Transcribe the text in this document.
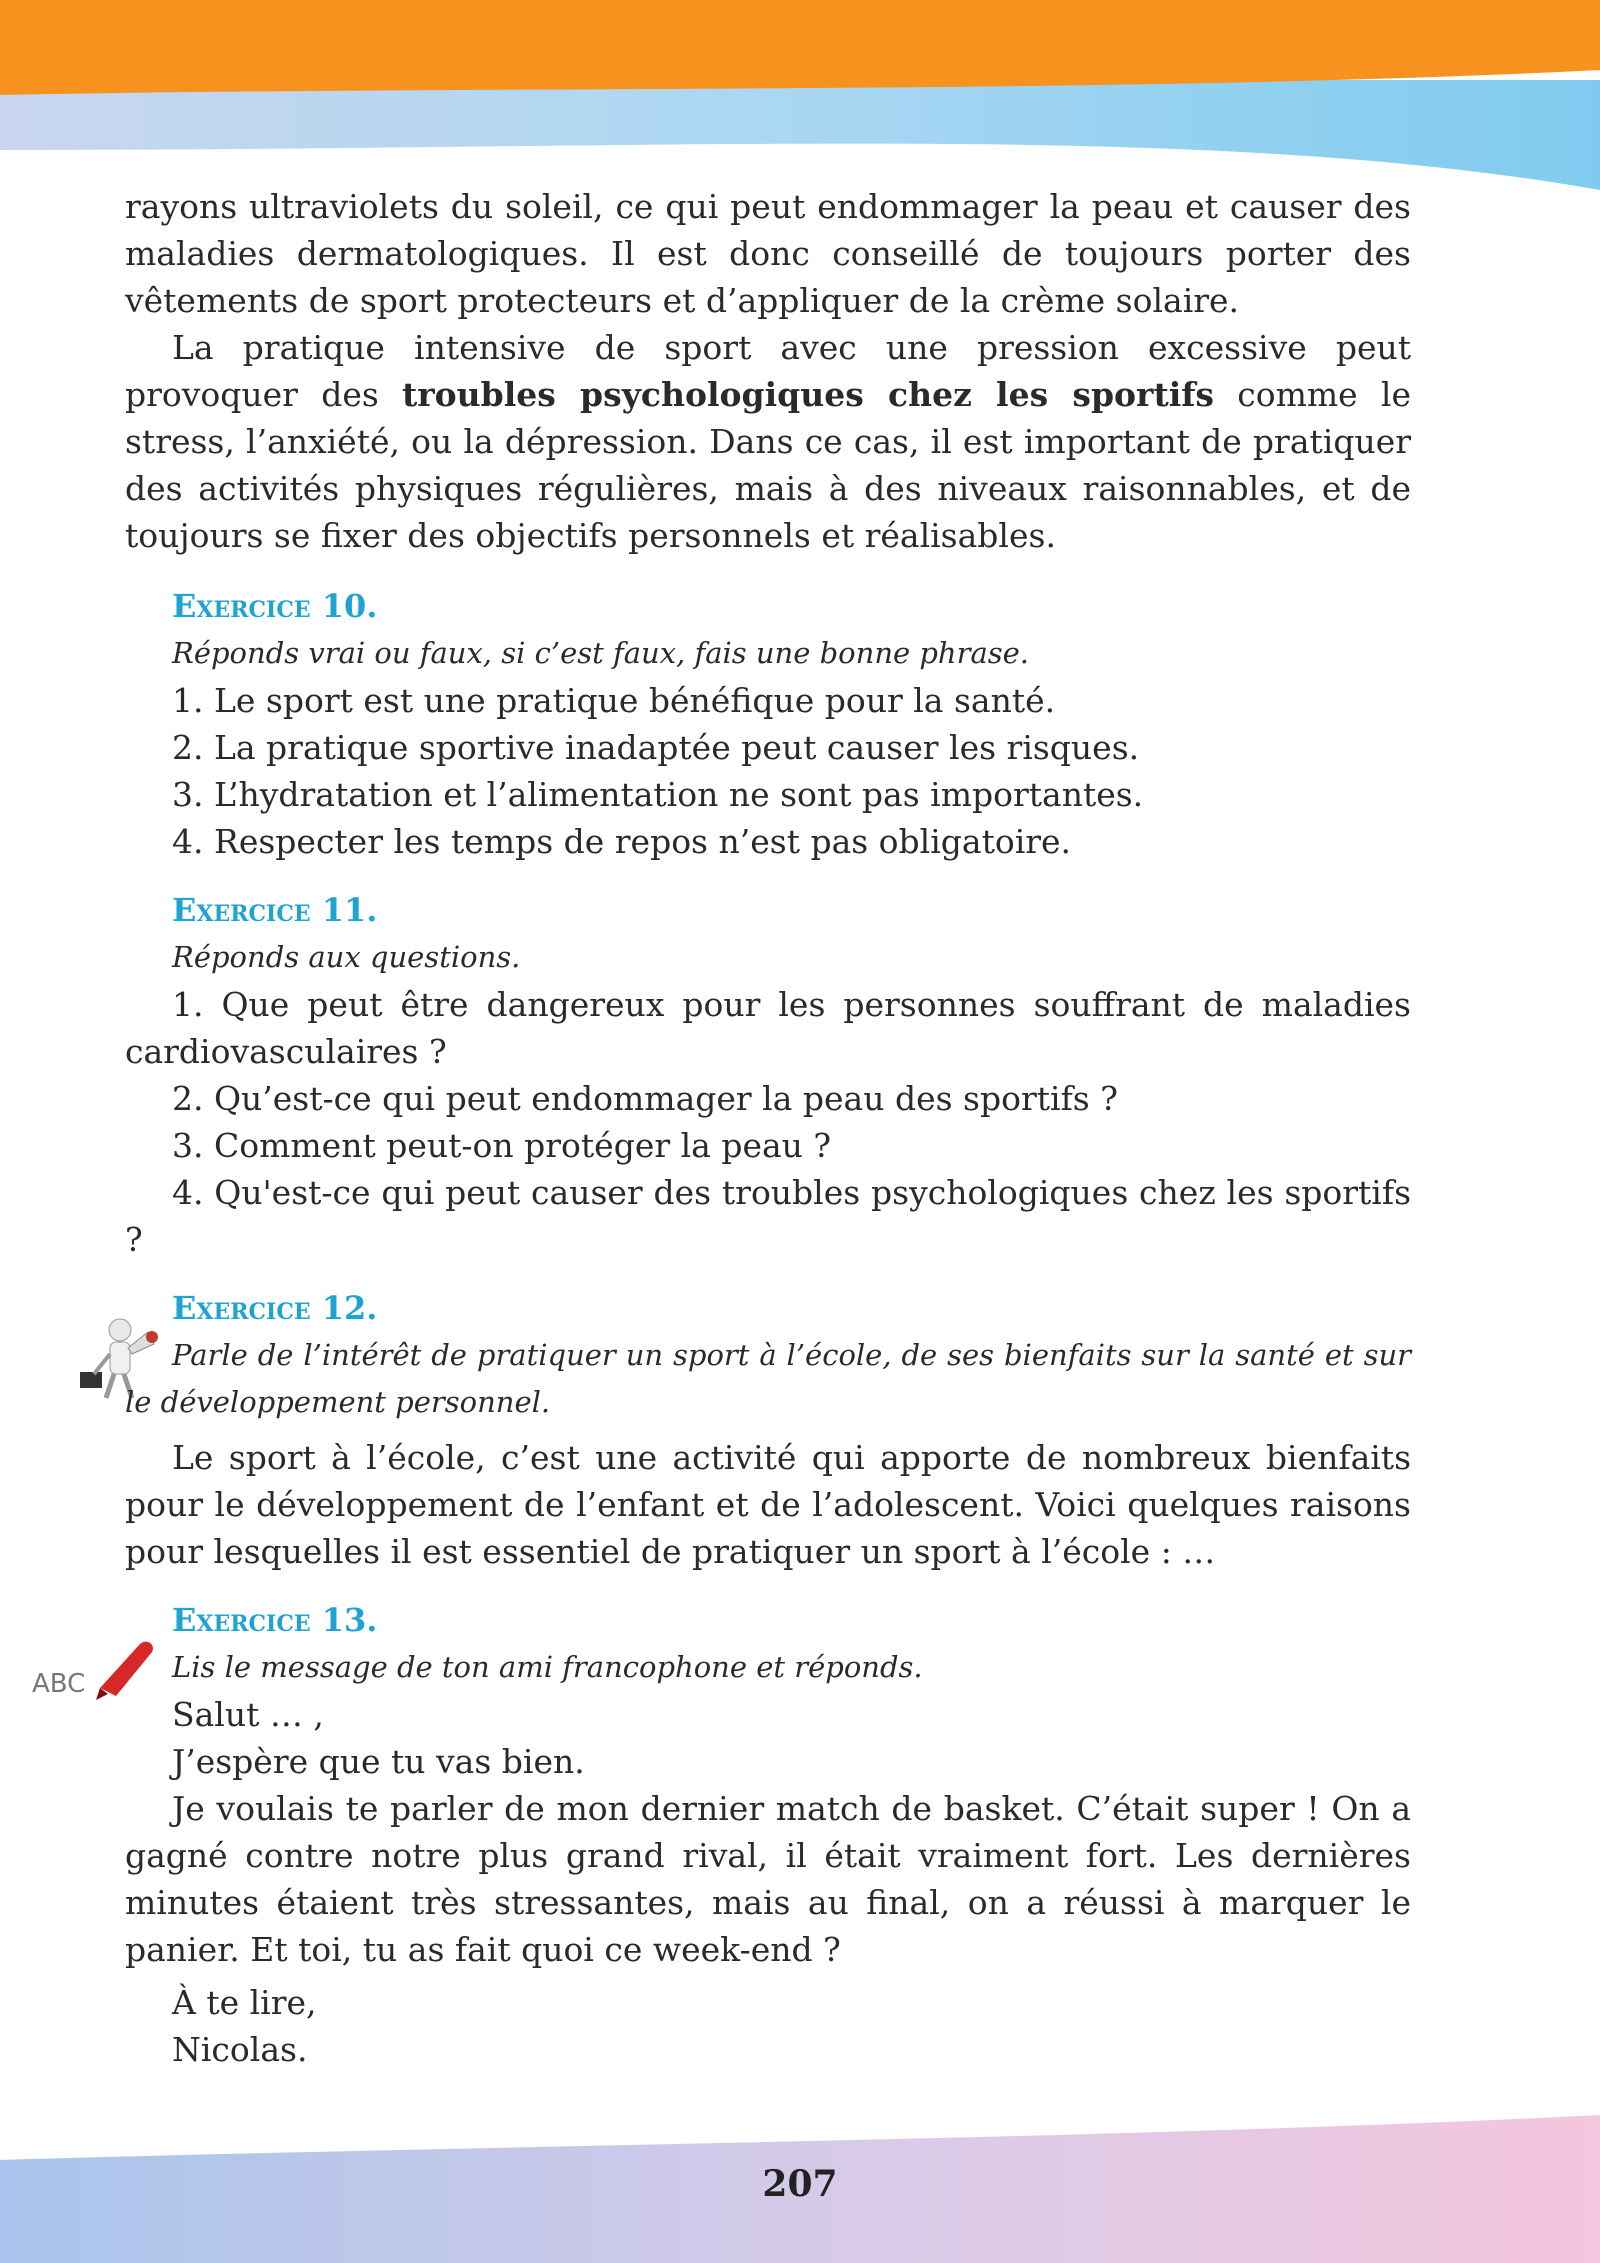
ABC

rayons ultraviolets du soleil, ce qui peut endommager la peau et causer des maladies dermatologiques. Il est donc conseillé de toujours porter des vêtements de sport protecteurs et d’appliquer de la crème solaire.

La pratique intensive de sport avec une pression excessive peut provoquer des troubles psychologiques chez les sportifs comme le stress, l’anxiété, ou la dépression. Dans ce cas, il est important de pratiquer des activités physiques régulières, mais à des niveaux raisonnables, et de toujours se fixer des objectifs personnels et réalisables.

Exercice 10.
Réponds vrai ou faux, si c’est faux, fais une bonne phrase.
1. Le sport est une pratique bénéfique pour la santé.
2. La pratique sportive inadaptée peut causer les risques.
3. L’hydratation et l’alimentation ne sont pas importantes.
4. Respecter les temps de repos n’est pas obligatoire.
Exercice 11.
Réponds aux questions.

1. Que peut être dangereux pour les personnes souffrant de maladies cardiovasculaires ?

2. Qu’est-ce qui peut endommager la peau des sportifs ?

3. Comment peut-on protéger la peau ?

4. Qu'est-ce qui peut causer des troubles psychologiques chez les sportifs ?

Exercice 12.

Parle de l’intérêt de pratiquer un sport à l’école, de ses bienfaits sur la santé et sur le développement personnel.

Le sport à l’école, c’est une activité qui apporte de nombreux bienfaits pour le développement de l’enfant et de l’adolescent. Voici quelques raisons pour lesquelles il est essentiel de pratiquer un sport à l’école : …

Exercice 13.
Lis le message de ton ami francophone et réponds.
Salut … ,
J’espère que tu vas bien.

Je voulais te parler de mon dernier match de basket. C’était super ! On a gagné contre notre plus grand rival, il était vraiment fort. Les dernières minutes étaient très stressantes, mais au final, on a réussi à marquer le panier. Et toi, tu as fait quoi ce week-end ?

À te lire,
Nicolas.
207
